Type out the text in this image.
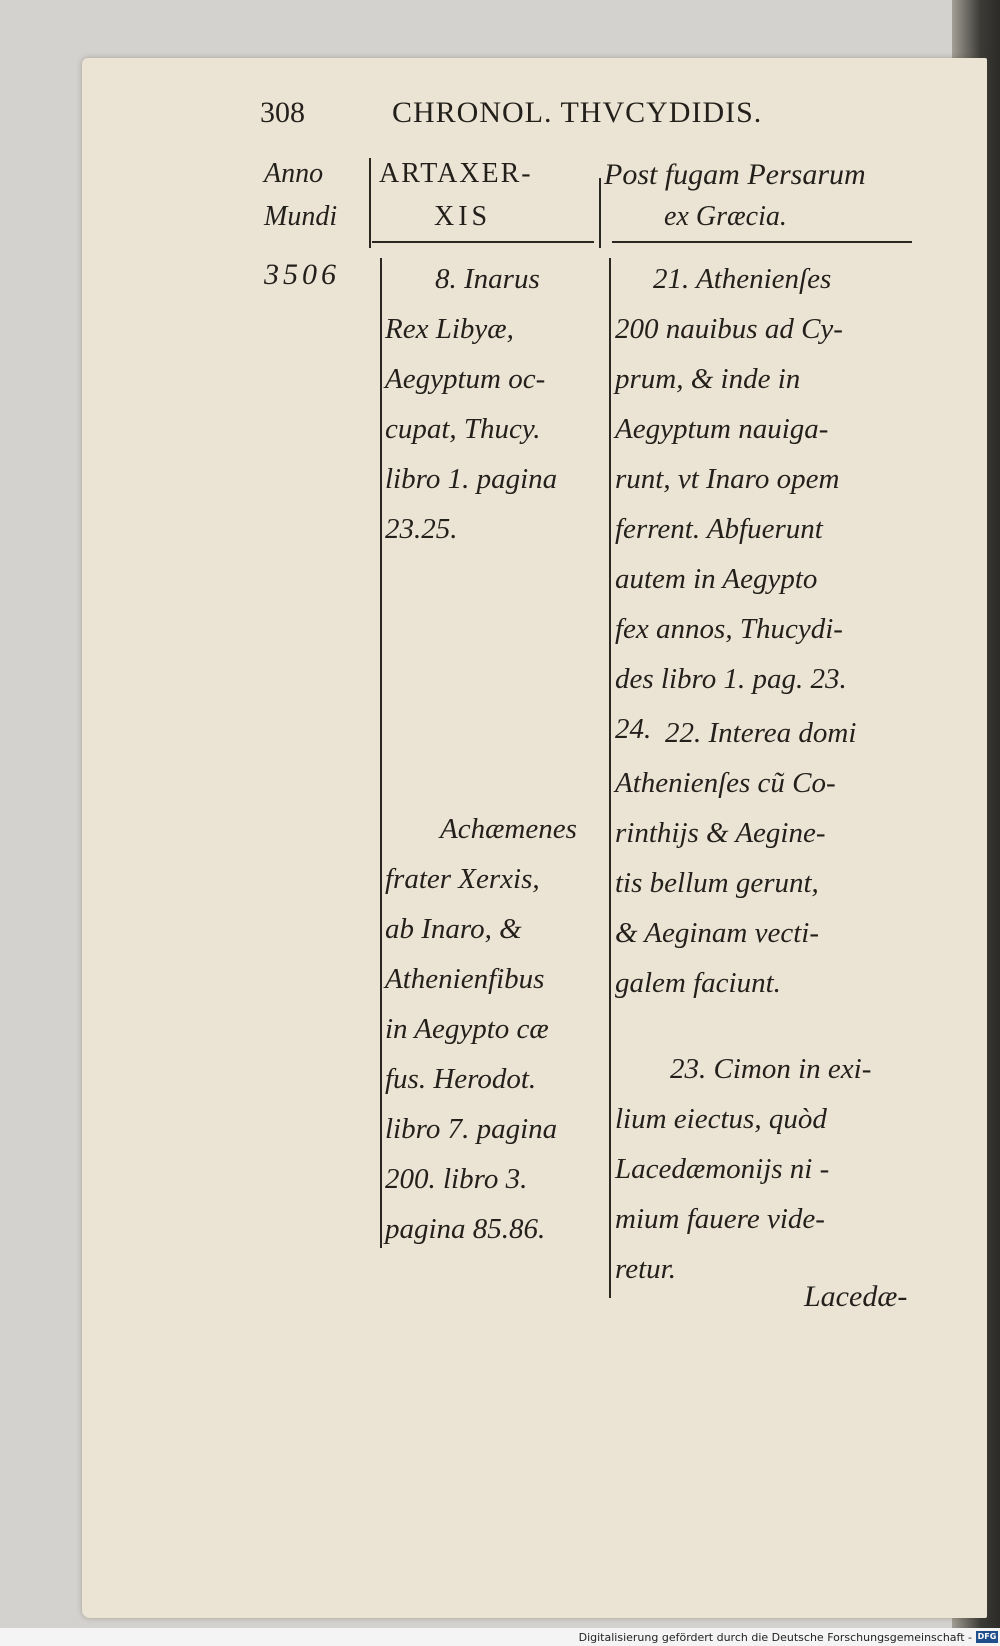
308	CHRONOL. THVCYDIDIS.
Anno
Mundi
ARTAXER-
XIS
Post fugam Persarum
ex Græcia.
3506	8. Inarus
Rex Libyæ,
Aegyptum oc-
cupat, Thucy.
libro 1. pagina
23.25.
Achæmenes
frater Xerxis,
ab Inaro, &
Athenienfibus
in Aegypto cæ
fus. Herodot.
libro 7. pagina
200. libro 3.
pagina 85.86.
21. Athenienſes
200 nauibus ad Cy-
prum, & inde in
Aegyptum nauiga-
runt, vt Inaro opem
ferrent. Abfuerunt
autem in Aegypto
fex annos, Thucydi-
des libro 1. pag. 23.
24. 22. Interea domi
Athenienſes cũ Co-
rinthijs & Aegine-
tis bellum gerunt,
& Aeginam vecti-
galem faciunt.
23. Cimon in exi-
lium eiectus, quòd
Lacedæmonijs ni -
mium fauere vide-
retur.
Lacedæ-
Digitalisierung gefördert durch die Deutsche Forschungsgemeinschaft - DFG
